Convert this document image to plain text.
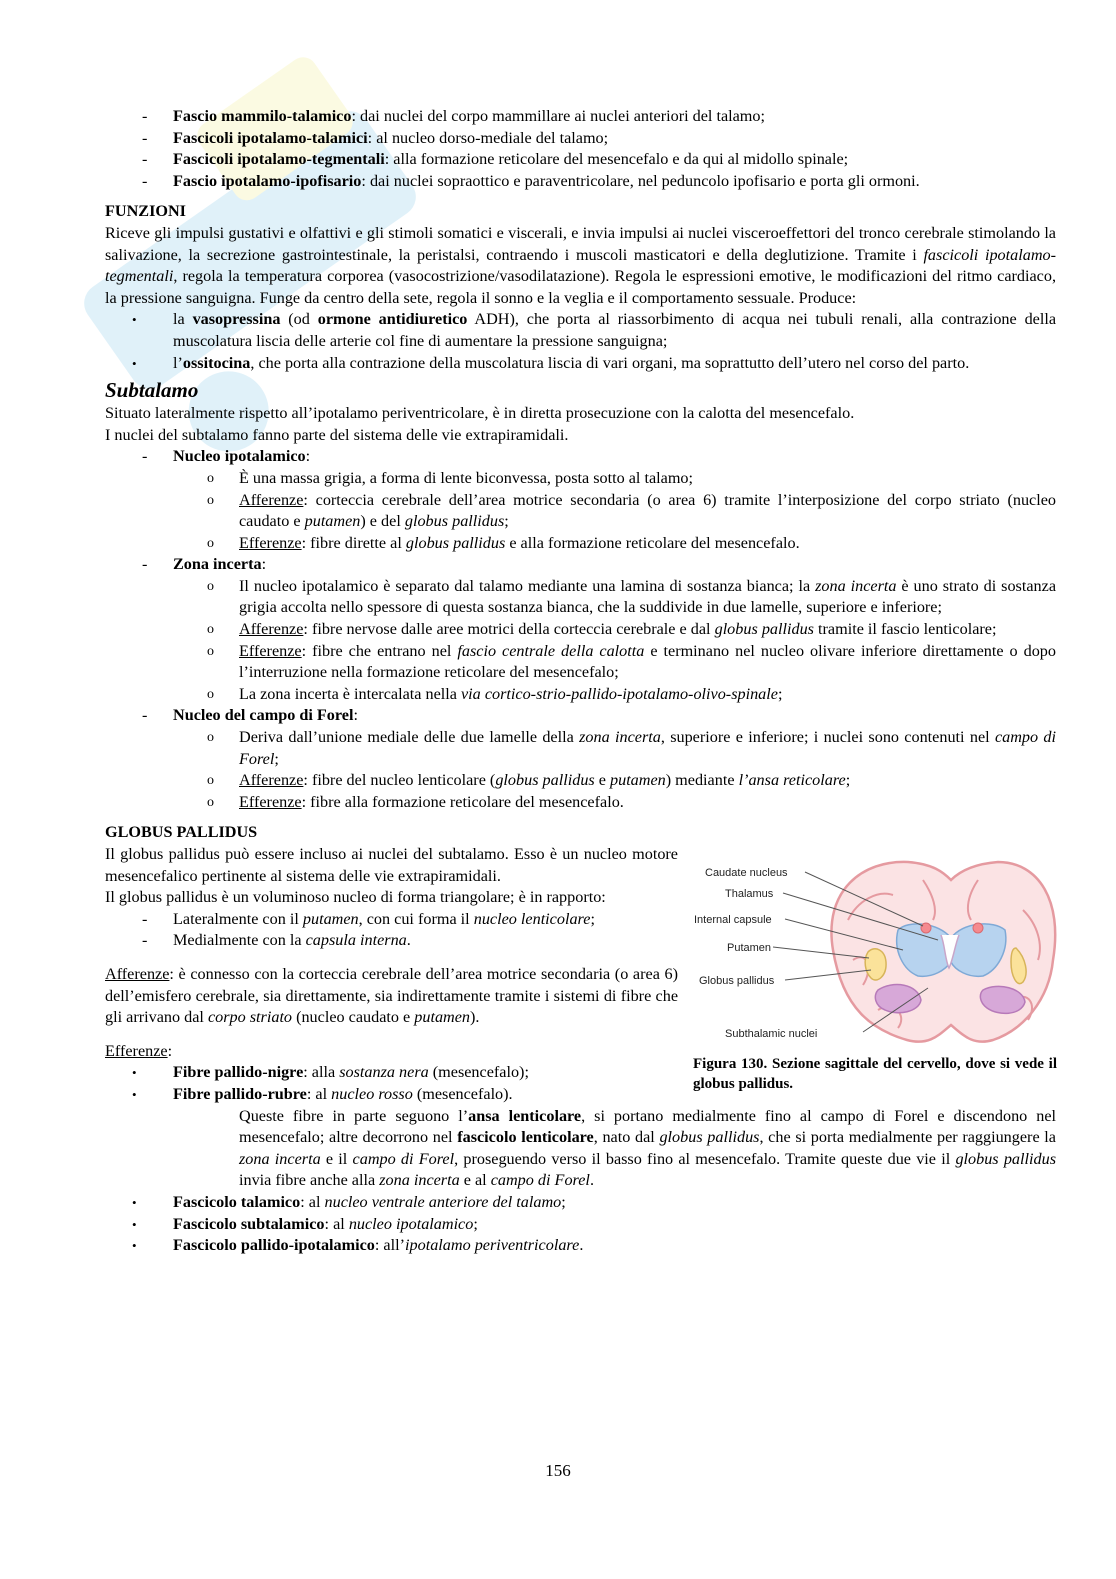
- Fascio mammilo-talamico: dai nuclei del corpo mammillare ai nuclei anteriori del talamo;
- Fascicoli ipotalamo-talamici: al nucleo dorso-mediale del talamo;
- Fascicoli ipotalamo-tegmentali: alla formazione reticolare del mesencefalo e da qui al midollo spinale;
- Fascio ipotalamo-ipofisario: dai nuclei sopraottico e paraventricolare, nel peduncolo ipofisario e porta gli ormoni.
FUNZIONI

Riceve gli impulsi gustativi e olfattivi e gli stimoli somatici e viscerali, e invia impulsi ai nuclei visceroeffettori del tronco cerebrale stimolando la salivazione, la secrezione gastrointestinale, la peristalsi, contraendo i muscoli masticatori e della deglutizione. Tramite i fascicoli ipotalamo-tegmentali, regola la temperatura corporea (vasocostrizione/vasodilatazione). Regola le espressioni emotive, le modificazioni del ritmo cardiaco, la pressione sanguigna. Funge da centro della sete, regola il sonno e la veglia e il comportamento sessuale. Produce:

• la vasopressina (od ormone antidiuretico ADH), che porta al riassorbimento di acqua nei tubuli renali, alla contrazione della muscolatura liscia delle arterie col fine di aumentare la pressione sanguigna;
• l’ossitocina, che porta alla contrazione della muscolatura liscia di vari organi, ma soprattutto dell’utero nel corso del parto.
Subtalamo

Situato lateralmente rispetto all’ipotalamo periventricolare, è in diretta prosecuzione con la calotta del mesencefalo.

I nuclei del subtalamo fanno parte del sistema delle vie extrapiramidali.

- Nucleo ipotalamico:
o È una massa grigia, a forma di lente biconvessa, posta sotto al talamo;
o Afferenze: corteccia cerebrale dell’area motrice secondaria (o area 6) tramite l’interposizione del corpo striato (nucleo caudato e putamen) e del globus pallidus;
o Efferenze: fibre dirette al globus pallidus e alla formazione reticolare del mesencefalo.
- Zona incerta:
o Il nucleo ipotalamico è separato dal talamo mediante una lamina di sostanza bianca; la zona incerta è uno strato di sostanza grigia accolta nello spessore di questa sostanza bianca, che la suddivide in due lamelle, superiore e inferiore;
o Afferenze: fibre nervose dalle aree motrici della corteccia cerebrale e dal globus pallidus tramite il fascio lenticolare;
o Efferenze: fibre che entrano nel fascio centrale della calotta e terminano nel nucleo olivare inferiore direttamente o dopo l’interruzione nella formazione reticolare del mesencefalo;
o La zona incerta è intercalata nella via cortico-strio-pallido-ipotalamo-olivo-spinale;
- Nucleo del campo di Forel:
o Deriva dall’unione mediale delle due lamelle della zona incerta, superiore e inferiore; i nuclei sono contenuti nel campo di Forel;
o Afferenze: fibre del nucleo lenticolare (globus pallidus e putamen) mediante l’ansa reticolare;
o Efferenze: fibre alla formazione reticolare del mesencefalo.
GLOBUS PALLIDUS

Il globus pallidus può essere incluso ai nuclei del subtalamo. Esso è un nucleo motore mesencefalico pertinente al sistema delle vie extrapiramidali.

Il globus pallidus è un voluminoso nucleo di forma triangolare; è in rapporto:

- Lateralmente con il putamen, con cui forma il nucleo lenticolare;
- Medialmente con la capsula interna.

Afferenze: è connesso con la corteccia cerebrale dell’area motrice secondaria (o area 6) dell’emisfero cerebrale, sia direttamente, sia indirettamente tramite i sistemi di fibre che gli arrivano dal corpo striato (nucleo caudato e putamen).

Caudate nucleus
Thalamus
Internal capsule
Putamen
Globus pallidus
Subthalamic nuclei
Figura 130. Sezione sagittale del cervello, dove si vede il globus pallidus.

Efferenze:

• Fibre pallido-nigre: alla sostanza nera (mesencefalo);
• Fibre pallido-rubre: al nucleo rosso (mesencefalo).

Queste fibre in parte seguono l’ansa lenticolare, si portano medialmente fino al campo di Forel e discendono nel mesencefalo; altre decorrono nel fascicolo lenticolare, nato dal globus pallidus, che si porta medialmente per raggiungere la zona incerta e il campo di Forel, proseguendo verso il basso fino al mesencefalo. Tramite queste due vie il globus pallidus invia fibre anche alla zona incerta e al campo di Forel.

• Fascicolo talamico: al nucleo ventrale anteriore del talamo;
• Fascicolo subtalamico: al nucleo ipotalamico;
• Fascicolo pallido-ipotalamico: all’ipotalamo periventricolare.
156
